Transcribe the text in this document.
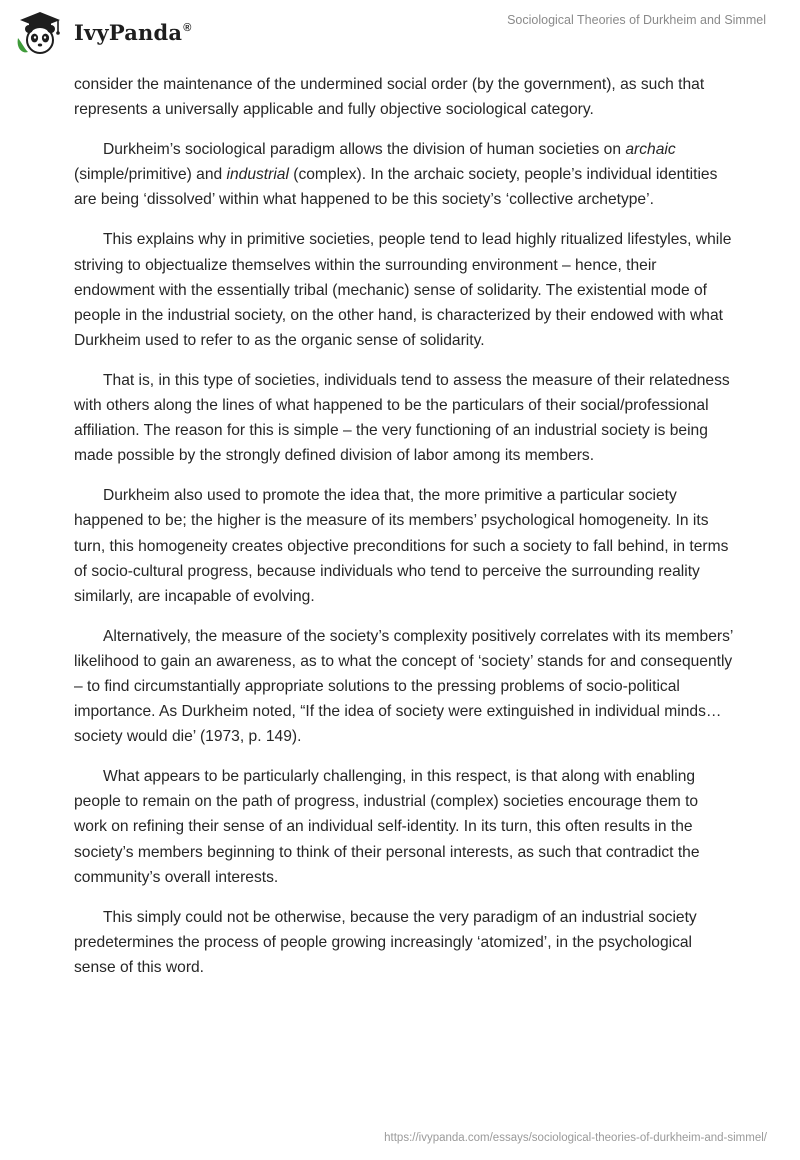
IvyPanda®
Sociological Theories of Durkheim and Simmel

consider the maintenance of the undermined social order (by the government), as such that represents a universally applicable and fully objective sociological category.

Durkheim’s sociological paradigm allows the division of human societies on archaic (simple/primitive) and industrial (complex). In the archaic society, people’s individual identities are being ‘dissolved’ within what happened to be this society’s ‘collective archetype’.

This explains why in primitive societies, people tend to lead highly ritualized lifestyles, while striving to objectualize themselves within the surrounding environment – hence, their endowment with the essentially tribal (mechanic) sense of solidarity. The existential mode of people in the industrial society, on the other hand, is characterized by their endowed with what Durkheim used to refer to as the organic sense of solidarity.

That is, in this type of societies, individuals tend to assess the measure of their relatedness with others along the lines of what happened to be the particulars of their social/professional affiliation. The reason for this is simple – the very functioning of an industrial society is being made possible by the strongly defined division of labor among its members.

Durkheim also used to promote the idea that, the more primitive a particular society happened to be; the higher is the measure of its members’ psychological homogeneity. In its turn, this homogeneity creates objective preconditions for such a society to fall behind, in terms of socio-cultural progress, because individuals who tend to perceive the surrounding reality similarly, are incapable of evolving.

Alternatively, the measure of the society’s complexity positively correlates with its members’ likelihood to gain an awareness, as to what the concept of ‘society’ stands for and consequently – to find circumstantially appropriate solutions to the pressing problems of socio-political importance. As Durkheim noted, “If the idea of society were extinguished in individual minds… society would die’ (1973, p. 149).

What appears to be particularly challenging, in this respect, is that along with enabling people to remain on the path of progress, industrial (complex) societies encourage them to work on refining their sense of an individual self-identity. In its turn, this often results in the society’s members beginning to think of their personal interests, as such that contradict the community’s overall interests.

This simply could not be otherwise, because the very paradigm of an industrial society predetermines the process of people growing increasingly ‘atomized’, in the psychological sense of this word.

https://ivypanda.com/essays/sociological-theories-of-durkheim-and-simmel/
